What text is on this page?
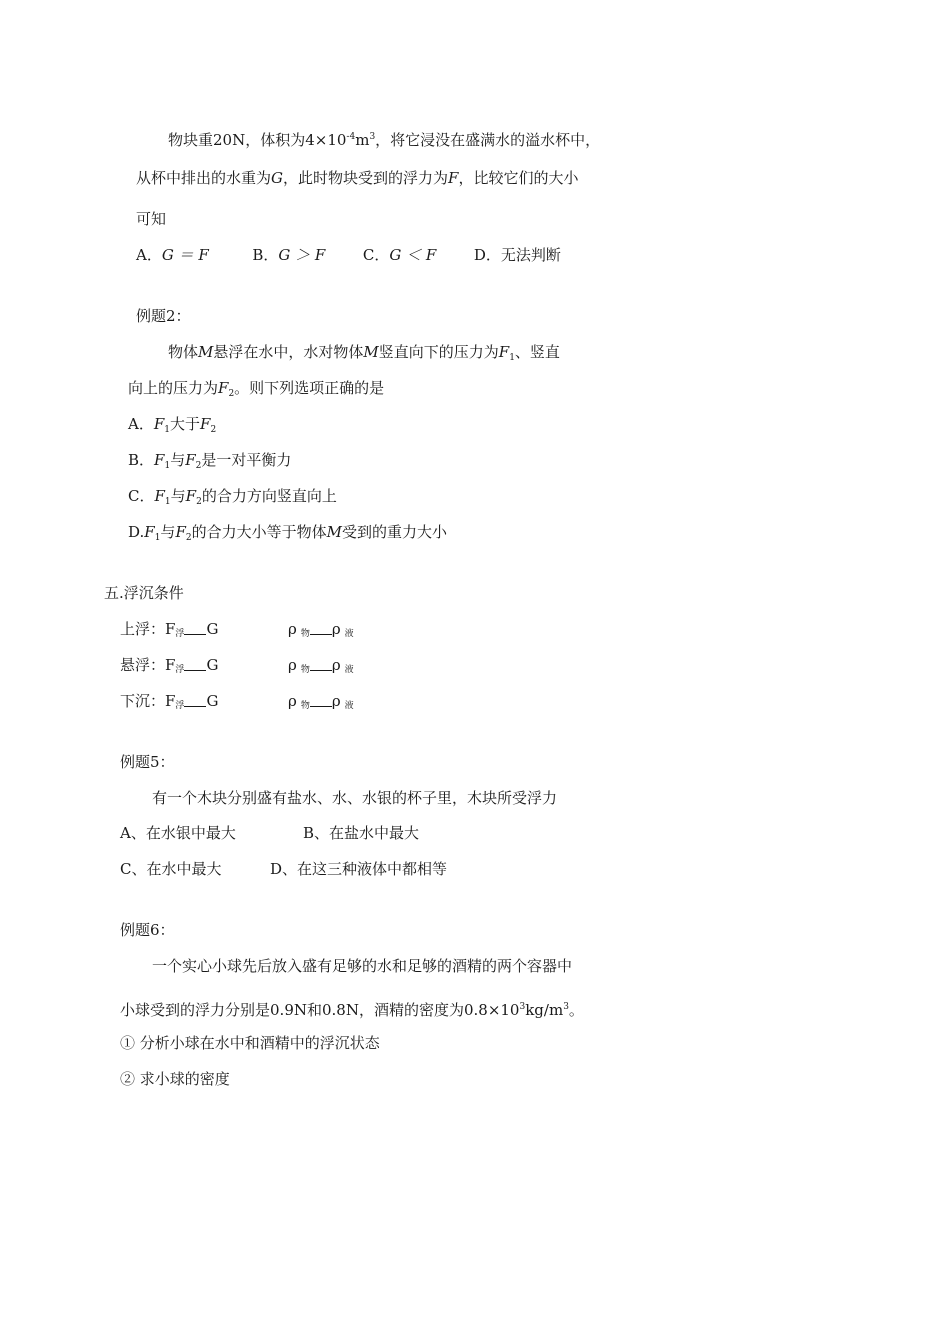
物块重20N，体积为$4\times 10^{-4}m^3$，将它浸没在盛满水的溢水杯中，
从杯中排出的水重为G，此时物块受到的浮力为F，比较它们的大小
可知
A．G ＝ F	B．G ＞ F	C．G ＜ F	D．无法判断
例题2：
物体M悬浮在水中，水对物体M竖直向下的压力为$F_1$、竖直
向上的压力为$F_2$。则下列选项正确的是
A．$F_1$大于$F_2$
B．$F_1$与$F_2$是一对平衡力
C．$F_1$与$F_2$的合力方向竖直向上
$D.F_1$与$F_2$的合力大小等于物体M受到的重力大小
五.浮沉条件
上浮：F浮 G	ρ物 ρ 液
悬浮：F浮 G	ρ物 ρ 液
下沉：F浮 G	ρ物 ρ 液
例题5：
有一个木块分别盛有盐水、水、水银的杯子里，木块所受浮力
A、在水银中最大	B、在盐水中最大
C、在水中最大	D、在这三种液体中都相等
例题6：
一个实心小球先后放入盛有足够的水和足够的酒精的两个容器中
小球受到的浮力分别是0.9N和0.8N，酒精的密度为$0.8\times 10^3kg/m^3$。
① 分析小球在水中和酒精中的浮沉状态
② 求小球的密度
